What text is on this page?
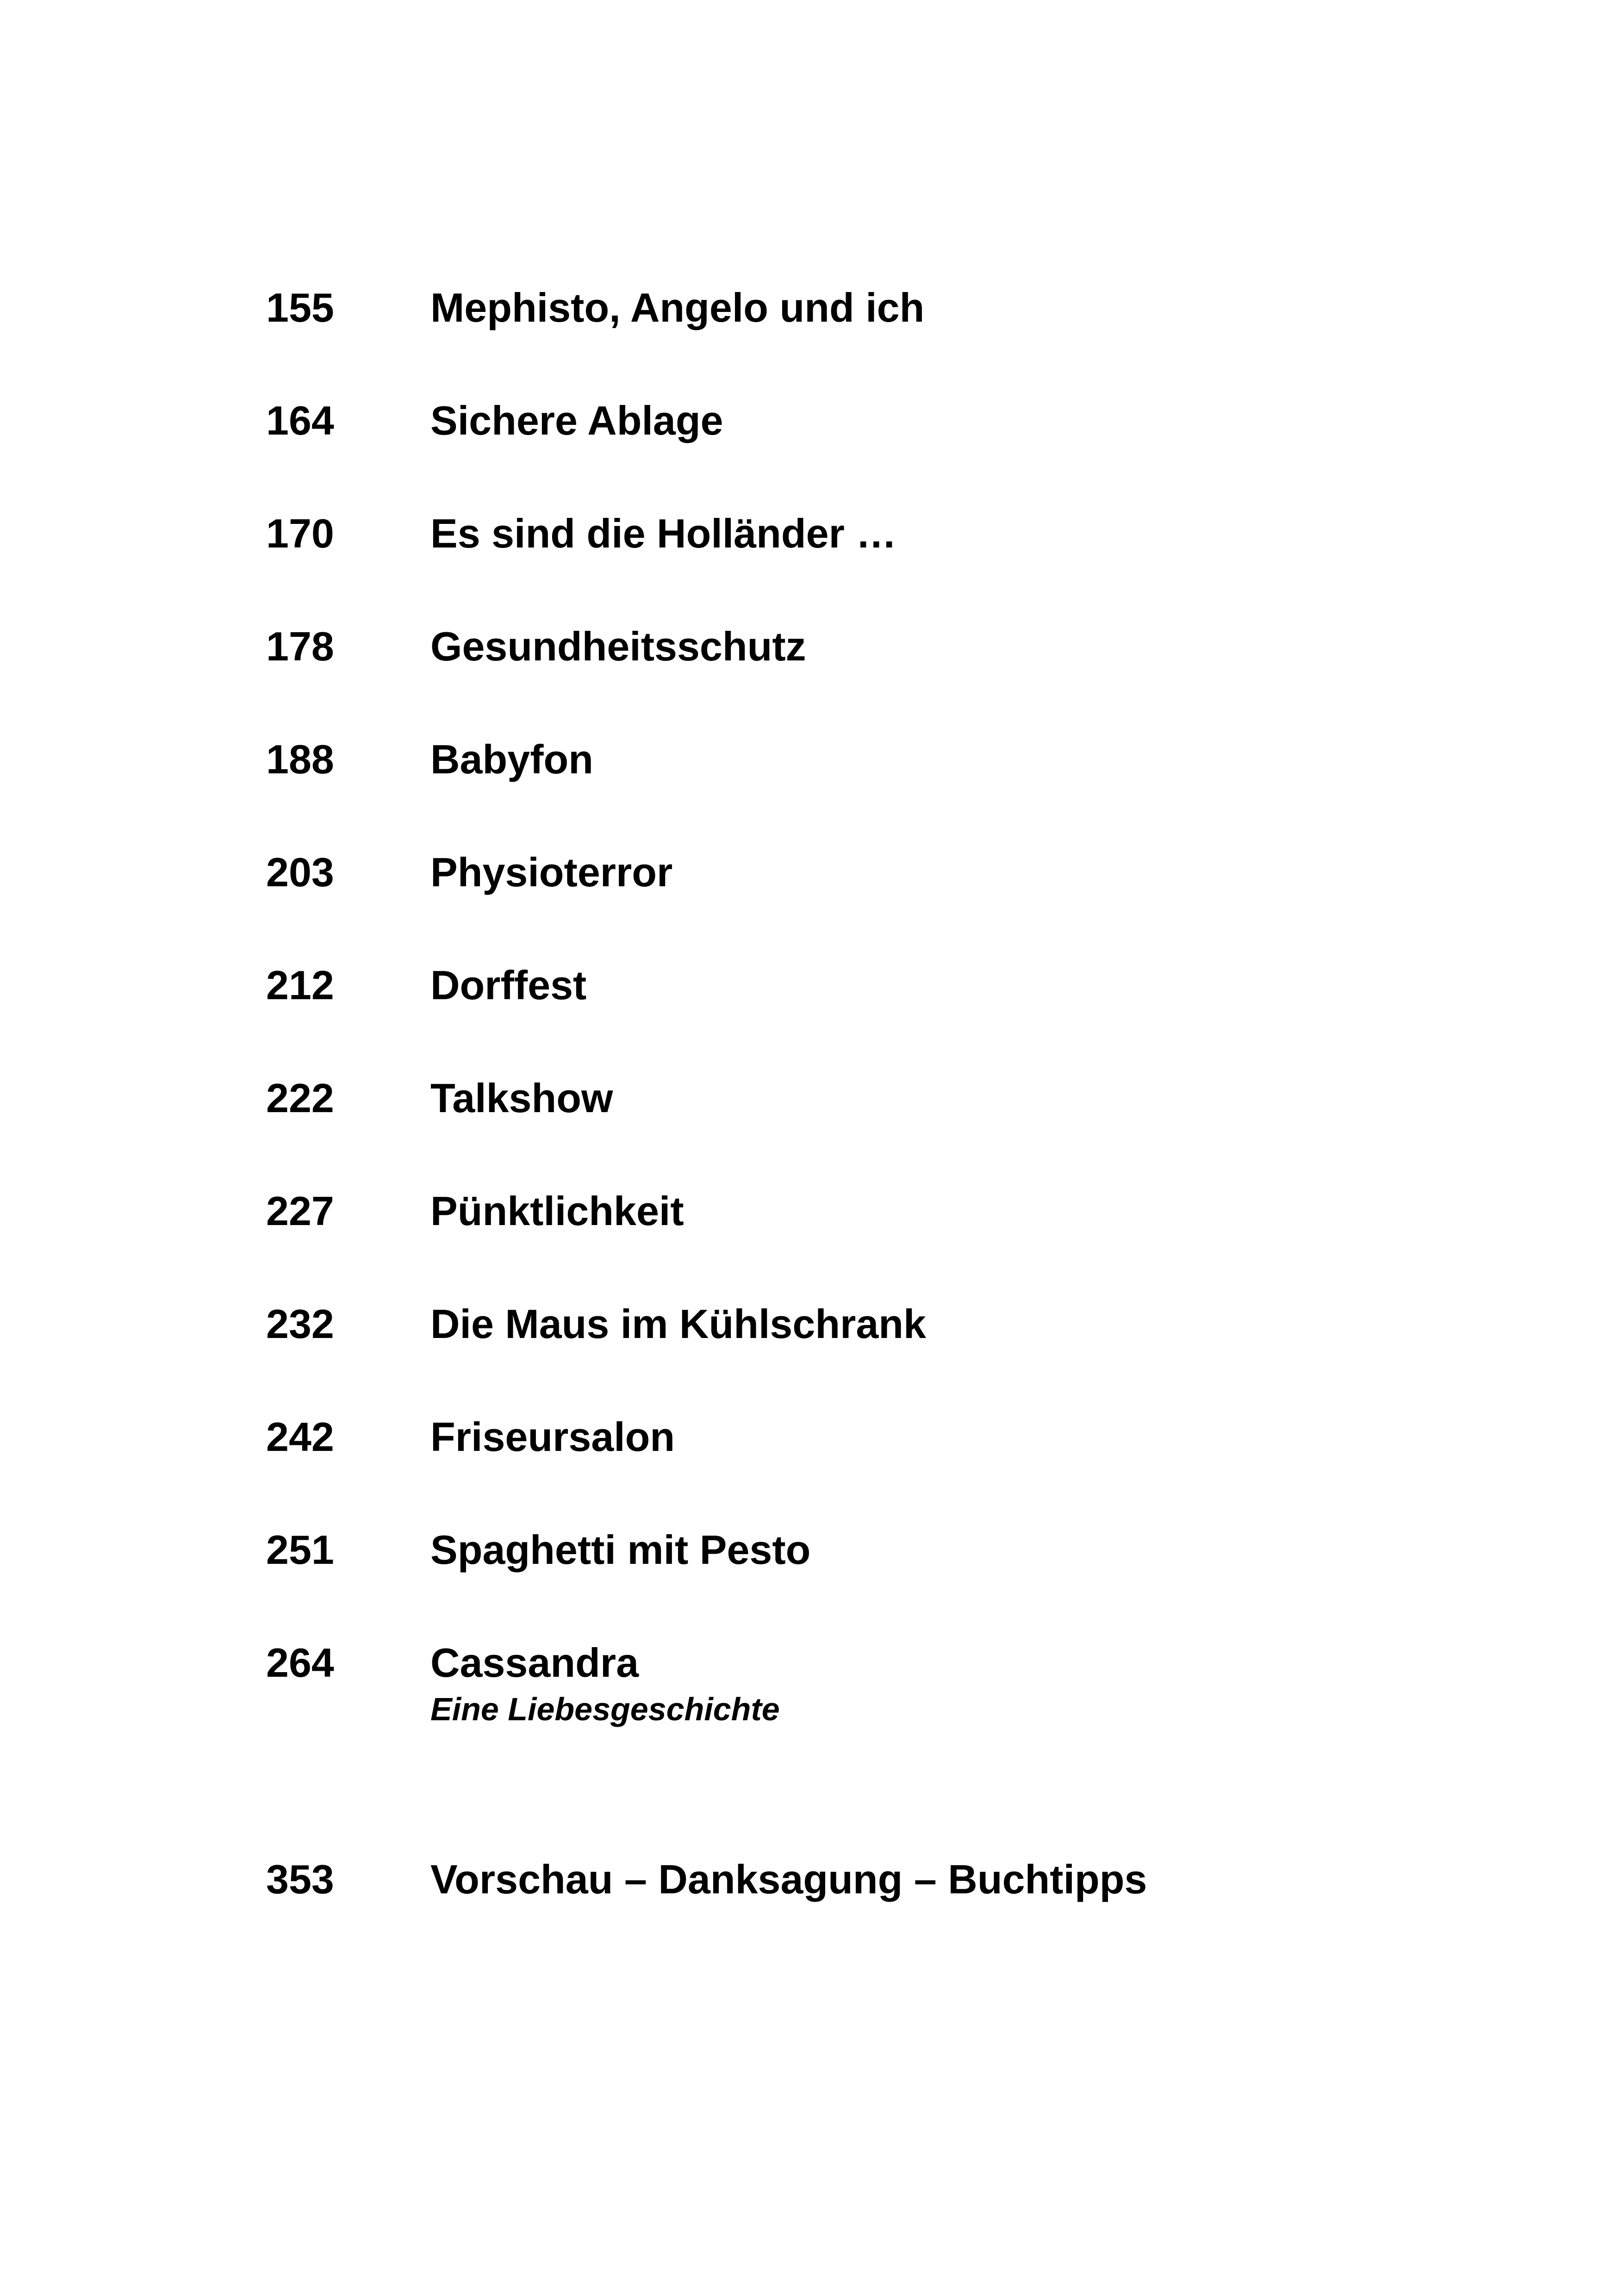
155 Mephisto, Angelo und ich
164 Sichere Ablage
170 Es sind die Holländer …
178 Gesundheitsschutz
188 Babyfon
203 Physioterror
212 Dorffest
222 Talkshow
227 Pünktlichkeit
232 Die Maus im Kühlschrank
242 Friseursalon
251 Spaghetti mit Pesto
264 Cassandra
Eine Liebesgeschichte
353 Vorschau – Danksagung – Buchtipps
